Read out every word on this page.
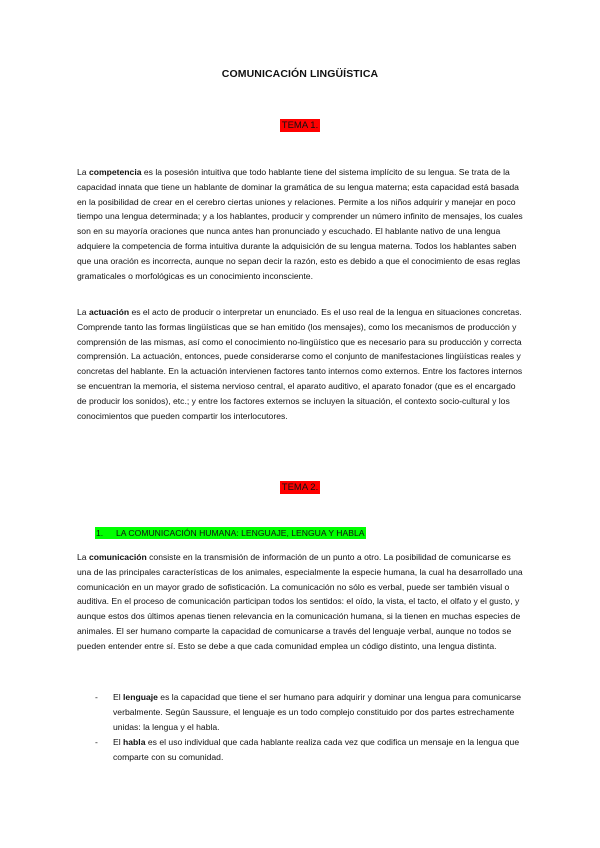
COMUNICACIÓN LINGÜÍSTICA
TEMA 1.
La competencia es la posesión intuitiva que todo hablante tiene del sistema implícito de su lengua. Se trata de la capacidad innata que tiene un hablante de dominar la gramática de su lengua materna; esta capacidad está basada en la posibilidad de crear en el cerebro ciertas uniones y relaciones. Permite a los niños adquirir y manejar en poco tiempo una lengua determinada; y a los hablantes, producir y comprender un número infinito de mensajes, los cuales son en su mayoría oraciones que nunca antes han pronunciado y escuchado. El hablante nativo de una lengua adquiere la competencia de forma intuitiva durante la adquisición de su lengua materna. Todos los hablantes saben que una oración es incorrecta, aunque no sepan decir la razón, esto es debido a que el conocimiento de esas reglas gramaticales o morfológicas es un conocimiento inconsciente.
La actuación es el acto de producir o interpretar un enunciado. Es el uso real de la lengua en situaciones concretas. Comprende tanto las formas lingüísticas que se han emitido (los mensajes), como los mecanismos de producción y comprensión de las mismas, así como el conocimiento no-lingüístico que es necesario para su producción y correcta comprensión. La actuación, entonces, puede considerarse como el conjunto de manifestaciones lingüísticas reales y concretas del hablante. En la actuación intervienen factores tanto internos como externos. Entre los factores internos se encuentran la memoria, el sistema nervioso central, el aparato auditivo, el aparato fonador (que es el encargado de producir los sonidos), etc.; y entre los factores externos se incluyen la situación, el contexto socio-cultural y los conocimientos que pueden compartir los interlocutores.
TEMA 2.
1. LA COMUNICACIÓN HUMANA: LENGUAJE, LENGUA Y HABLA
La comunicación consiste en la transmisión de información de un punto a otro. La posibilidad de comunicarse es una de las principales características de los animales, especialmente la especie humana, la cual ha desarrollado una comunicación en un mayor grado de sofisticación. La comunicación no sólo es verbal, puede ser también visual o auditiva. En el proceso de comunicación participan todos los sentidos: el oído, la vista, el tacto, el olfato y el gusto, y aunque estos dos últimos apenas tienen relevancia en la comunicación humana, si la tienen en muchas especies de animales. El ser humano comparte la capacidad de comunicarse a través del lenguaje verbal, aunque no todos se pueden entender entre sí. Esto se debe a que cada comunidad emplea un código distinto, una lengua distinta.
- El lenguaje es la capacidad que tiene el ser humano para adquirir y dominar una lengua para comunicarse verbalmente. Según Saussure, el lenguaje es un todo complejo constituido por dos partes estrechamente unidas: la lengua y el habla.
- El habla es el uso individual que cada hablante realiza cada vez que codifica un mensaje en la lengua que comparte con su comunidad.
